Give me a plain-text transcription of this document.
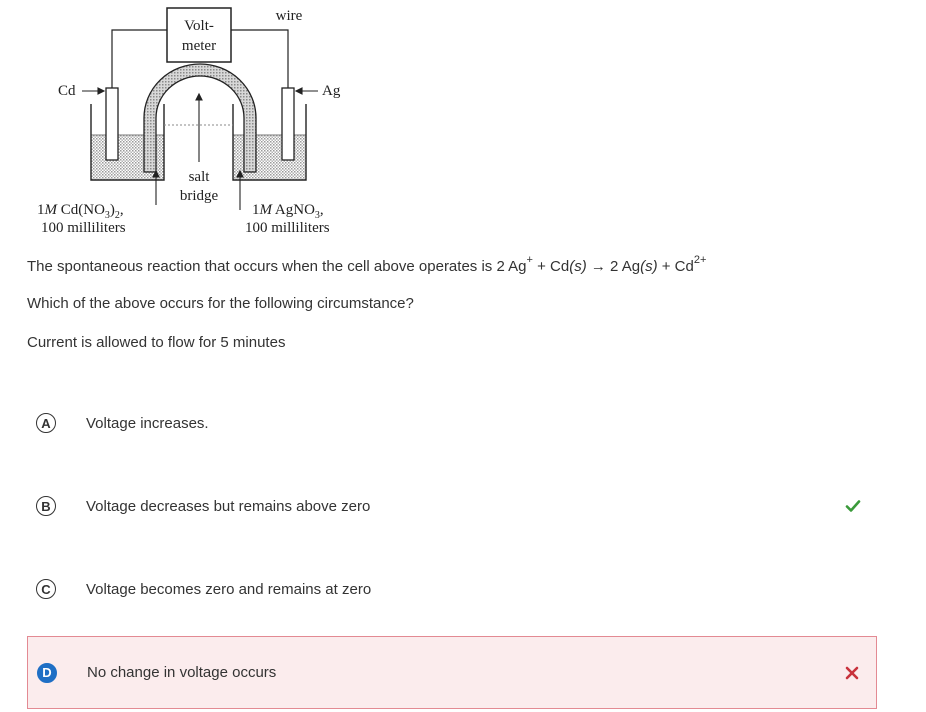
Volt-
meter
wire
Cd	Ag
salt
bridge
1M $Cd(NO_3)_2$,
100 milliliters
1M AgNO$_3$,
100 milliliters
The spontaneous reaction that occurs when the cell above operates is 2 Ag+ + Cd(s) → 2 $Ag(s) + Cd^{2+}$
Which of the above occurs for the following circumstance?
Current is allowed to flow for 5 minutes
A	Voltage increases.
B	Voltage decreases but remains above zero
C	Voltage becomes zero and remains at zero
D	No change in voltage occurs
